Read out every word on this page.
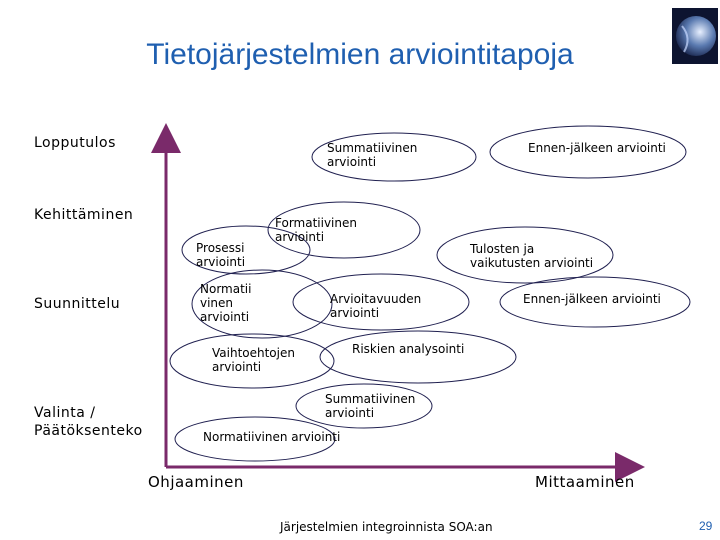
Tietojärjestelmien arviointitapoja
Summatiivinen
arviointi
Ennen-jälkeen arviointi
Formatiivinen
arviointi
Prosessi
arviointi
Tulosten ja
vaikutusten arviointi
Normatii
vinen
arviointi
Arvioitavuuden
arviointi
Ennen-jälkeen arviointi
Riskien analysointi
Vaihtoehtojen
arviointi
Summatiivinen
arviointi
Normatiivinen arviointi
Lopputulos
Kehittäminen
Suunnittelu
Valinta /
Päätöksenteko
Ohjaaminen	Mittaaminen
Järjestelmien integroinnista SOA:an	29
